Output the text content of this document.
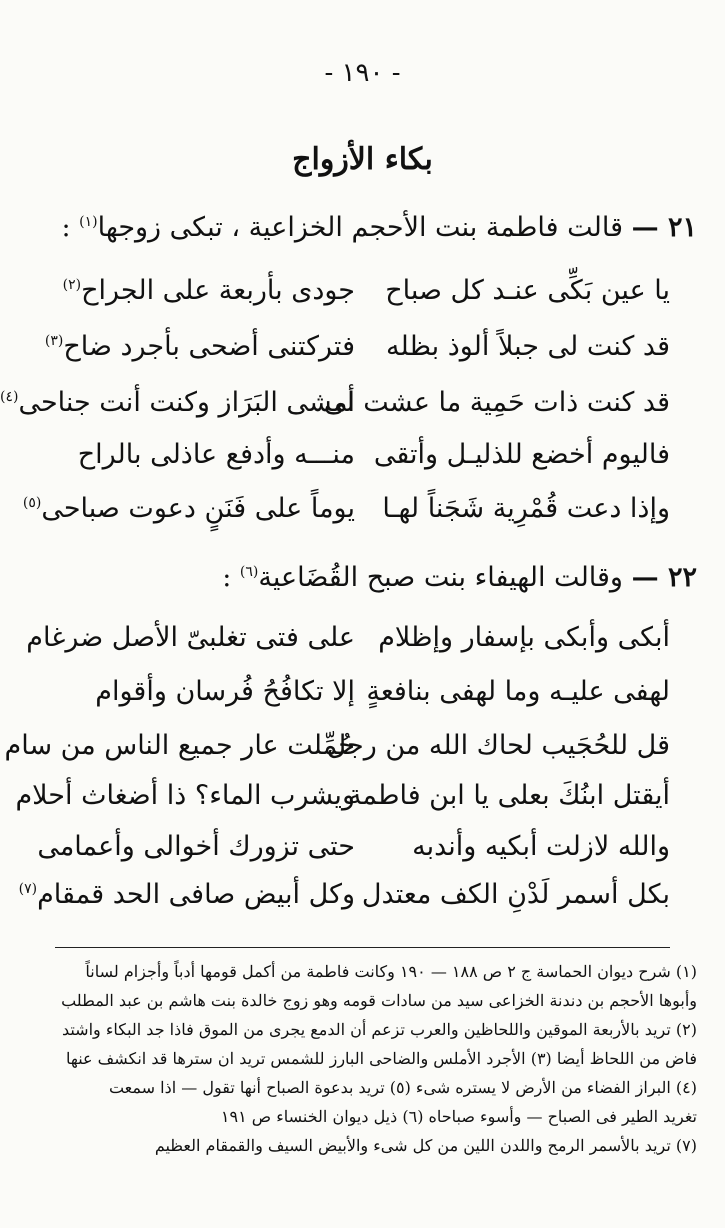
- ١٩٠ -
بكاء الأزواج
٢١ — قالت فاطمة بنت الأحجم الخزاعية ، تبكى زوجها$^{(١)}$ :
يا عين بَكِّى عنـد كل صباح
جودى بأربعة على الجراح$^{(٢)}$
قد كنت لى جبلاً ألوذ بظله
فتركتنى أضحى بأجرد ضاح$^{(٣)}$
قد كنت ذات حَمِية ما عشت لى
أمشى البَرَاز وكنت أنت جناحى$^{(٤)}$
فاليوم أخضع للذليـل وأتقى
منـــه وأدفع عاذلى بالراح
وإذا دعت قُمْرِية شَجَناً لهـا
يوماً على فَنَنٍ دعوت صباحى$^{(٥)}$
٢٢ — وقالت الهيفاء بنت صبح القُضَاعية$^{(٦)}$ :
أبكى وأبكى بإسفار وإظلام
على فتى تغلبىّ الأصل ضرغام
لهفى عليـه وما لهفى بنافعةٍ
إلا تكافُحُ فُرسان وأقوام
قل للحُجَيب لحاك الله من رجل
حُمِّلت عار جميع الناس من سام
أيقتل ابنُكَ بعلى يا ابن فاطمة
ويشرب الماء؟ ذا أضغاث أحلام
والله لازلت أبكيه وأندبه
حتى تزورك أخوالى وأعمامى
بكل أسمر لَدْنِ الكف معتدل
وكل أبيض صافى الحد قمقام$^{(٧)}$
(١) شرح ديوان الحماسة ج ٢ ص ١٨٨ — ١٩٠ وكانت فاطمة من أكمل قومها أدباً وأجزام لساناً
وأبوها الأحجم بن دندنة الخزاعى سيد من سادات قومه وهو زوج خالدة بنت هاشم بن عبد المطلب
(٢) تريد بالأربعة الموقين واللحاظين والعرب تزعم أن الدمع يجرى من الموق فاذا جد البكاء واشتد
فاض من اللحاظ أيضا (٣) الأجرد الأملس والضاحى البارز للشمس تريد ان سترها قد انكشف عنها
(٤) البراز الفضاء من الأرض لا يستره شىء (٥) تريد بدعوة الصباح أنها تقول — اذا سمعت
تغريد الطير فى الصباح — وأسوء صباحاه (٦) ذيل ديوان الخنساء ص ١٩١
(٧) تريد بالأسمر الرمح واللدن اللين من كل شىء والأبيض السيف والقمقام العظيم
